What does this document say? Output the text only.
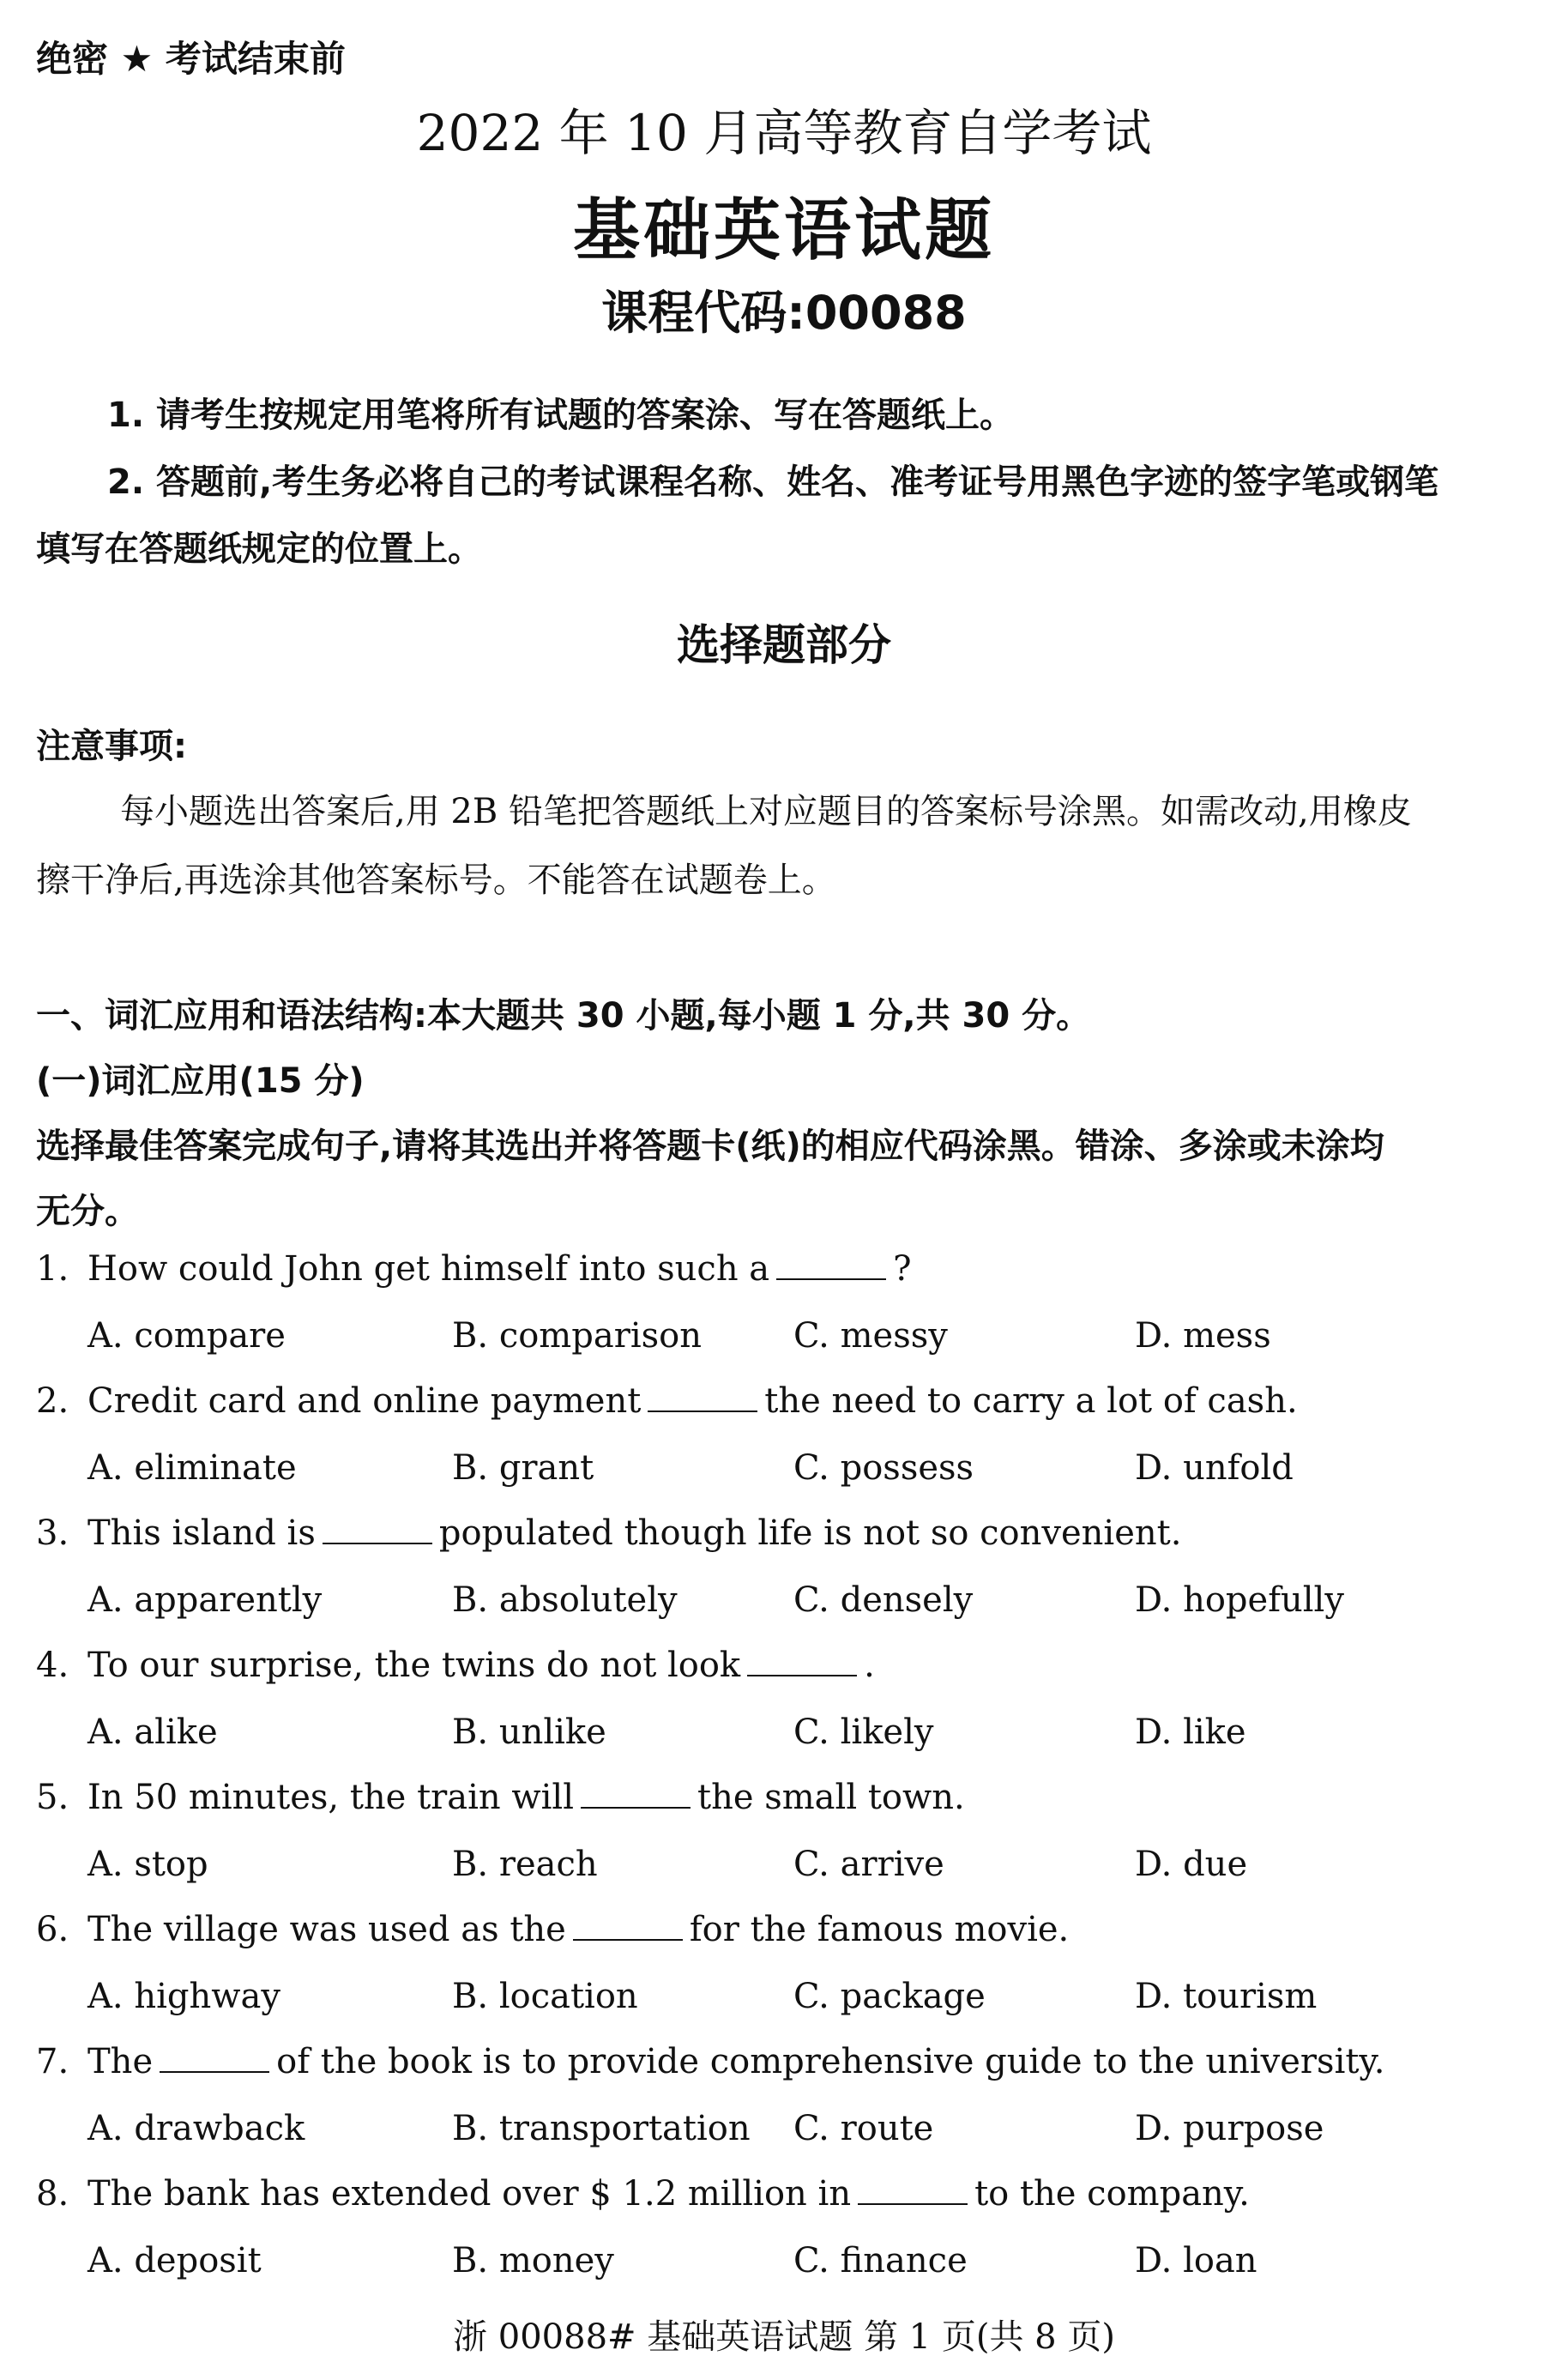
绝密 ★ 考试结束前
2022 年 10 月高等教育自学考试
基础英语试题
课程代码:00088
1. 请考生按规定用笔将所有试题的答案涂、写在答题纸上。
2. 答题前,考生务必将自己的考试课程名称、姓名、准考证号用黑色字迹的签字笔或钢笔
填写在答题纸规定的位置上。
选择题部分
注意事项:
每小题选出答案后,用 2B 铅笔把答题纸上对应题目的答案标号涂黑。如需改动,用橡皮
擦干净后,再选涂其他答案标号。不能答在试题卷上。
一、词汇应用和语法结构:本大题共 30 小题,每小题 1 分,共 30 分。
(一)词汇应用(15 分)
选择最佳答案完成句子,请将其选出并将答题卡(纸)的相应代码涂黑。错涂、多涂或未涂均
无分。
1. How could John get himself into such a	?
A. compare	B. comparison	C. messy	D. mess
2. Credit card and online payment	the need to carry a lot of cash.
A. eliminate	B. grant	C. possess	D. unfold
3. This island is	populated though life is not so convenient.
A. apparently	B. absolutely	C. densely	D. hopefully
4. To our surprise, the twins do not look	.
A. alike	B. unlike	C. likely	D. like
5. In 50 minutes, the train will	the small town.
A. stop	B. reach	C. arrive	D. due
6. The village was used as the	for the famous movie.
A. highway	B. location	C. package	D. tourism
7. The	of the book is to provide comprehensive guide to the university.
A. drawback	B. transportation C. route	D. purpose
8. The bank has extended over $ 1.2 million in	to the company.
A. deposit	B. money	C. finance	D. loan
浙 00088# 基础英语试题 第 1 页(共 8 页)
